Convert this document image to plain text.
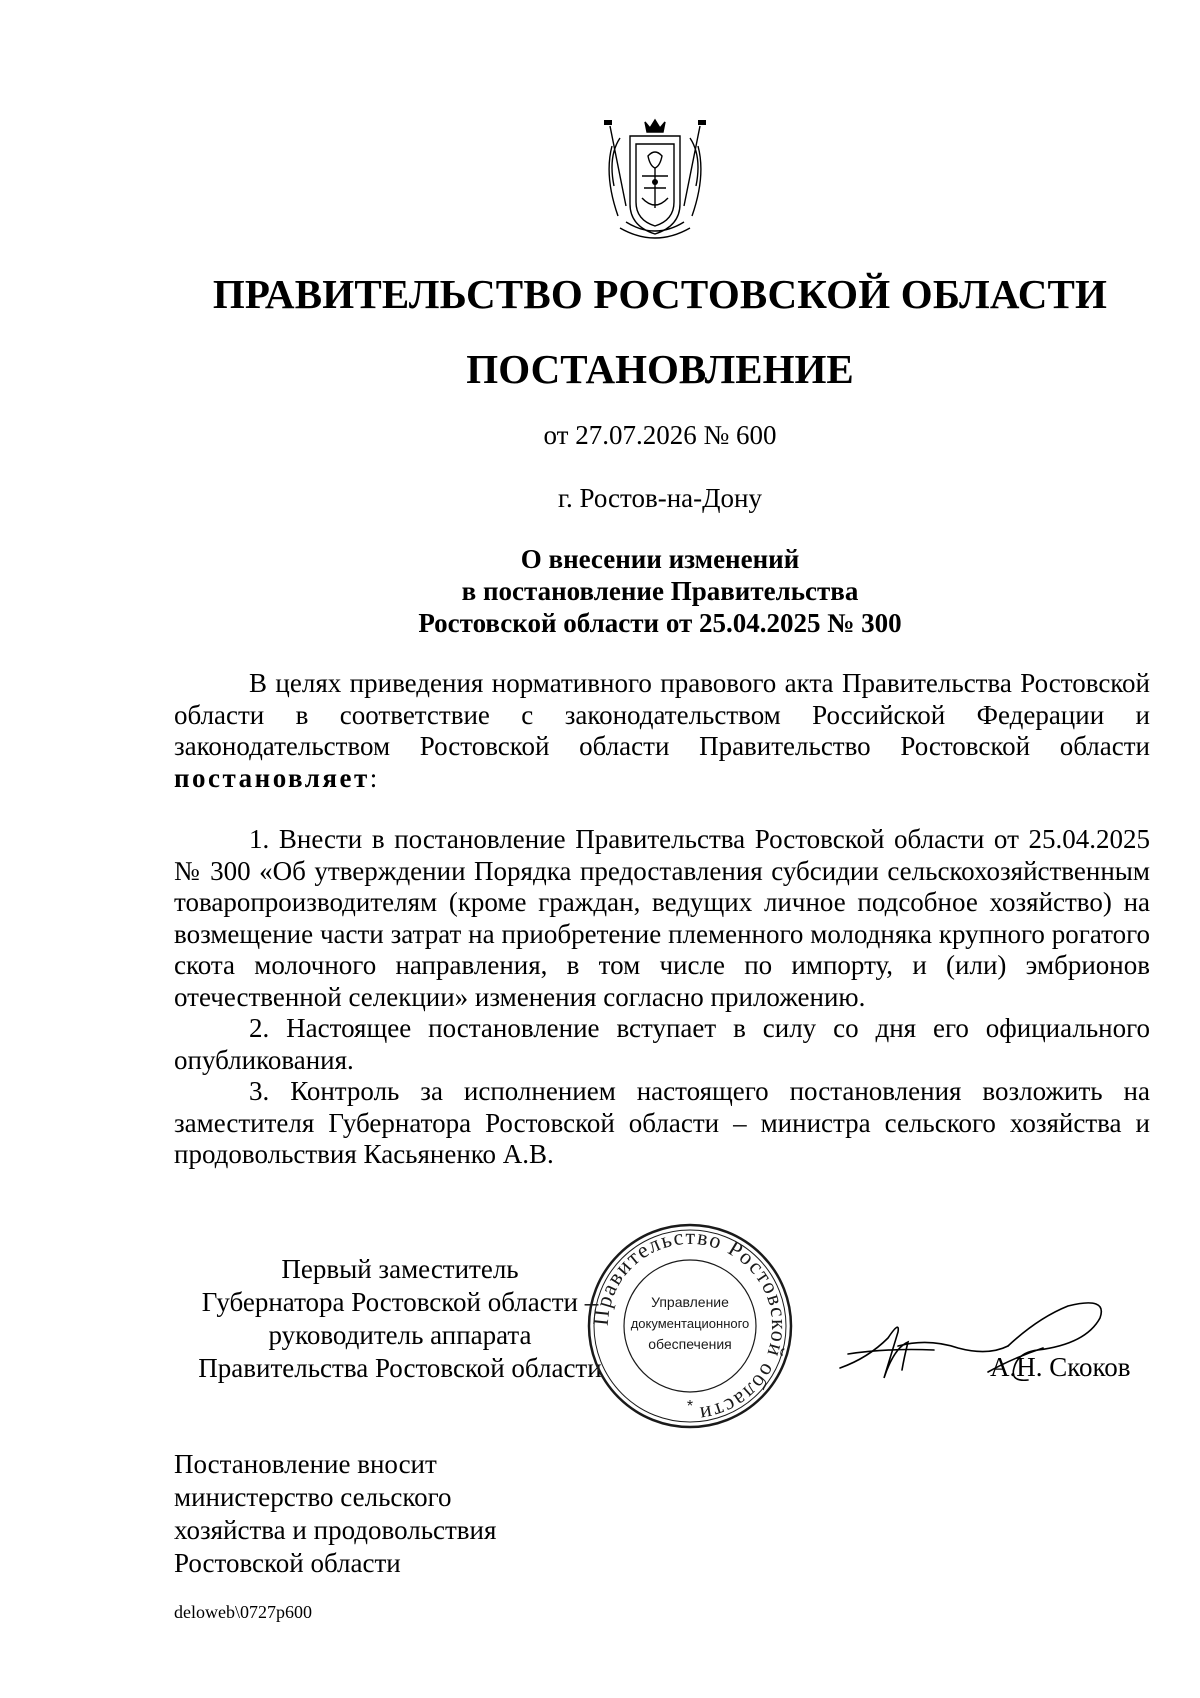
ПРАВИТЕЛЬСТВО РОСТОВСКОЙ ОБЛАСТИ
ПОСТАНОВЛЕНИЕ
от 27.07.2026 № 600
г. Ростов-на-Дону
О внесении изменений
в постановление Правительства
Ростовской области от 25.04.2025 № 300

В целях приведения нормативного правового акта Правительства Ростовской области в соответствие с законодательством Российской Федерации и законодательством Ростовской области Правительство Ростовской области постановляет:

1. Внести в постановление Правительства Ростовской области от 25.04.2025 № 300 «Об утверждении Порядка предоставления субсидии сельскохозяйственным товаропроизводителям (кроме граждан, ведущих личное подсобное хозяйство) на возмещение части затрат на приобретение племенного молодняка крупного рогатого скота молочного направления, в том числе по импорту, и (или) эмбрионов отечественной селекции» изменения согласно приложению.

2. Настоящее постановление вступает в силу со дня его официального опубликования.

3. Контроль за исполнением настоящего постановления возложить на заместителя Губернатора Ростовской области – министра сельского хозяйства и продовольствия Касьяненко А.В.

Первый заместитель
Губернатора Ростовской области –
руководитель аппарата
Правительства Ростовской области
Правительство Ростовской области
Управление
документационного
обеспечения
*
А.Н. Скоков
Постановление вносит
министерство сельского
хозяйства и продовольствия
Ростовской области
deloweb\0727p600
